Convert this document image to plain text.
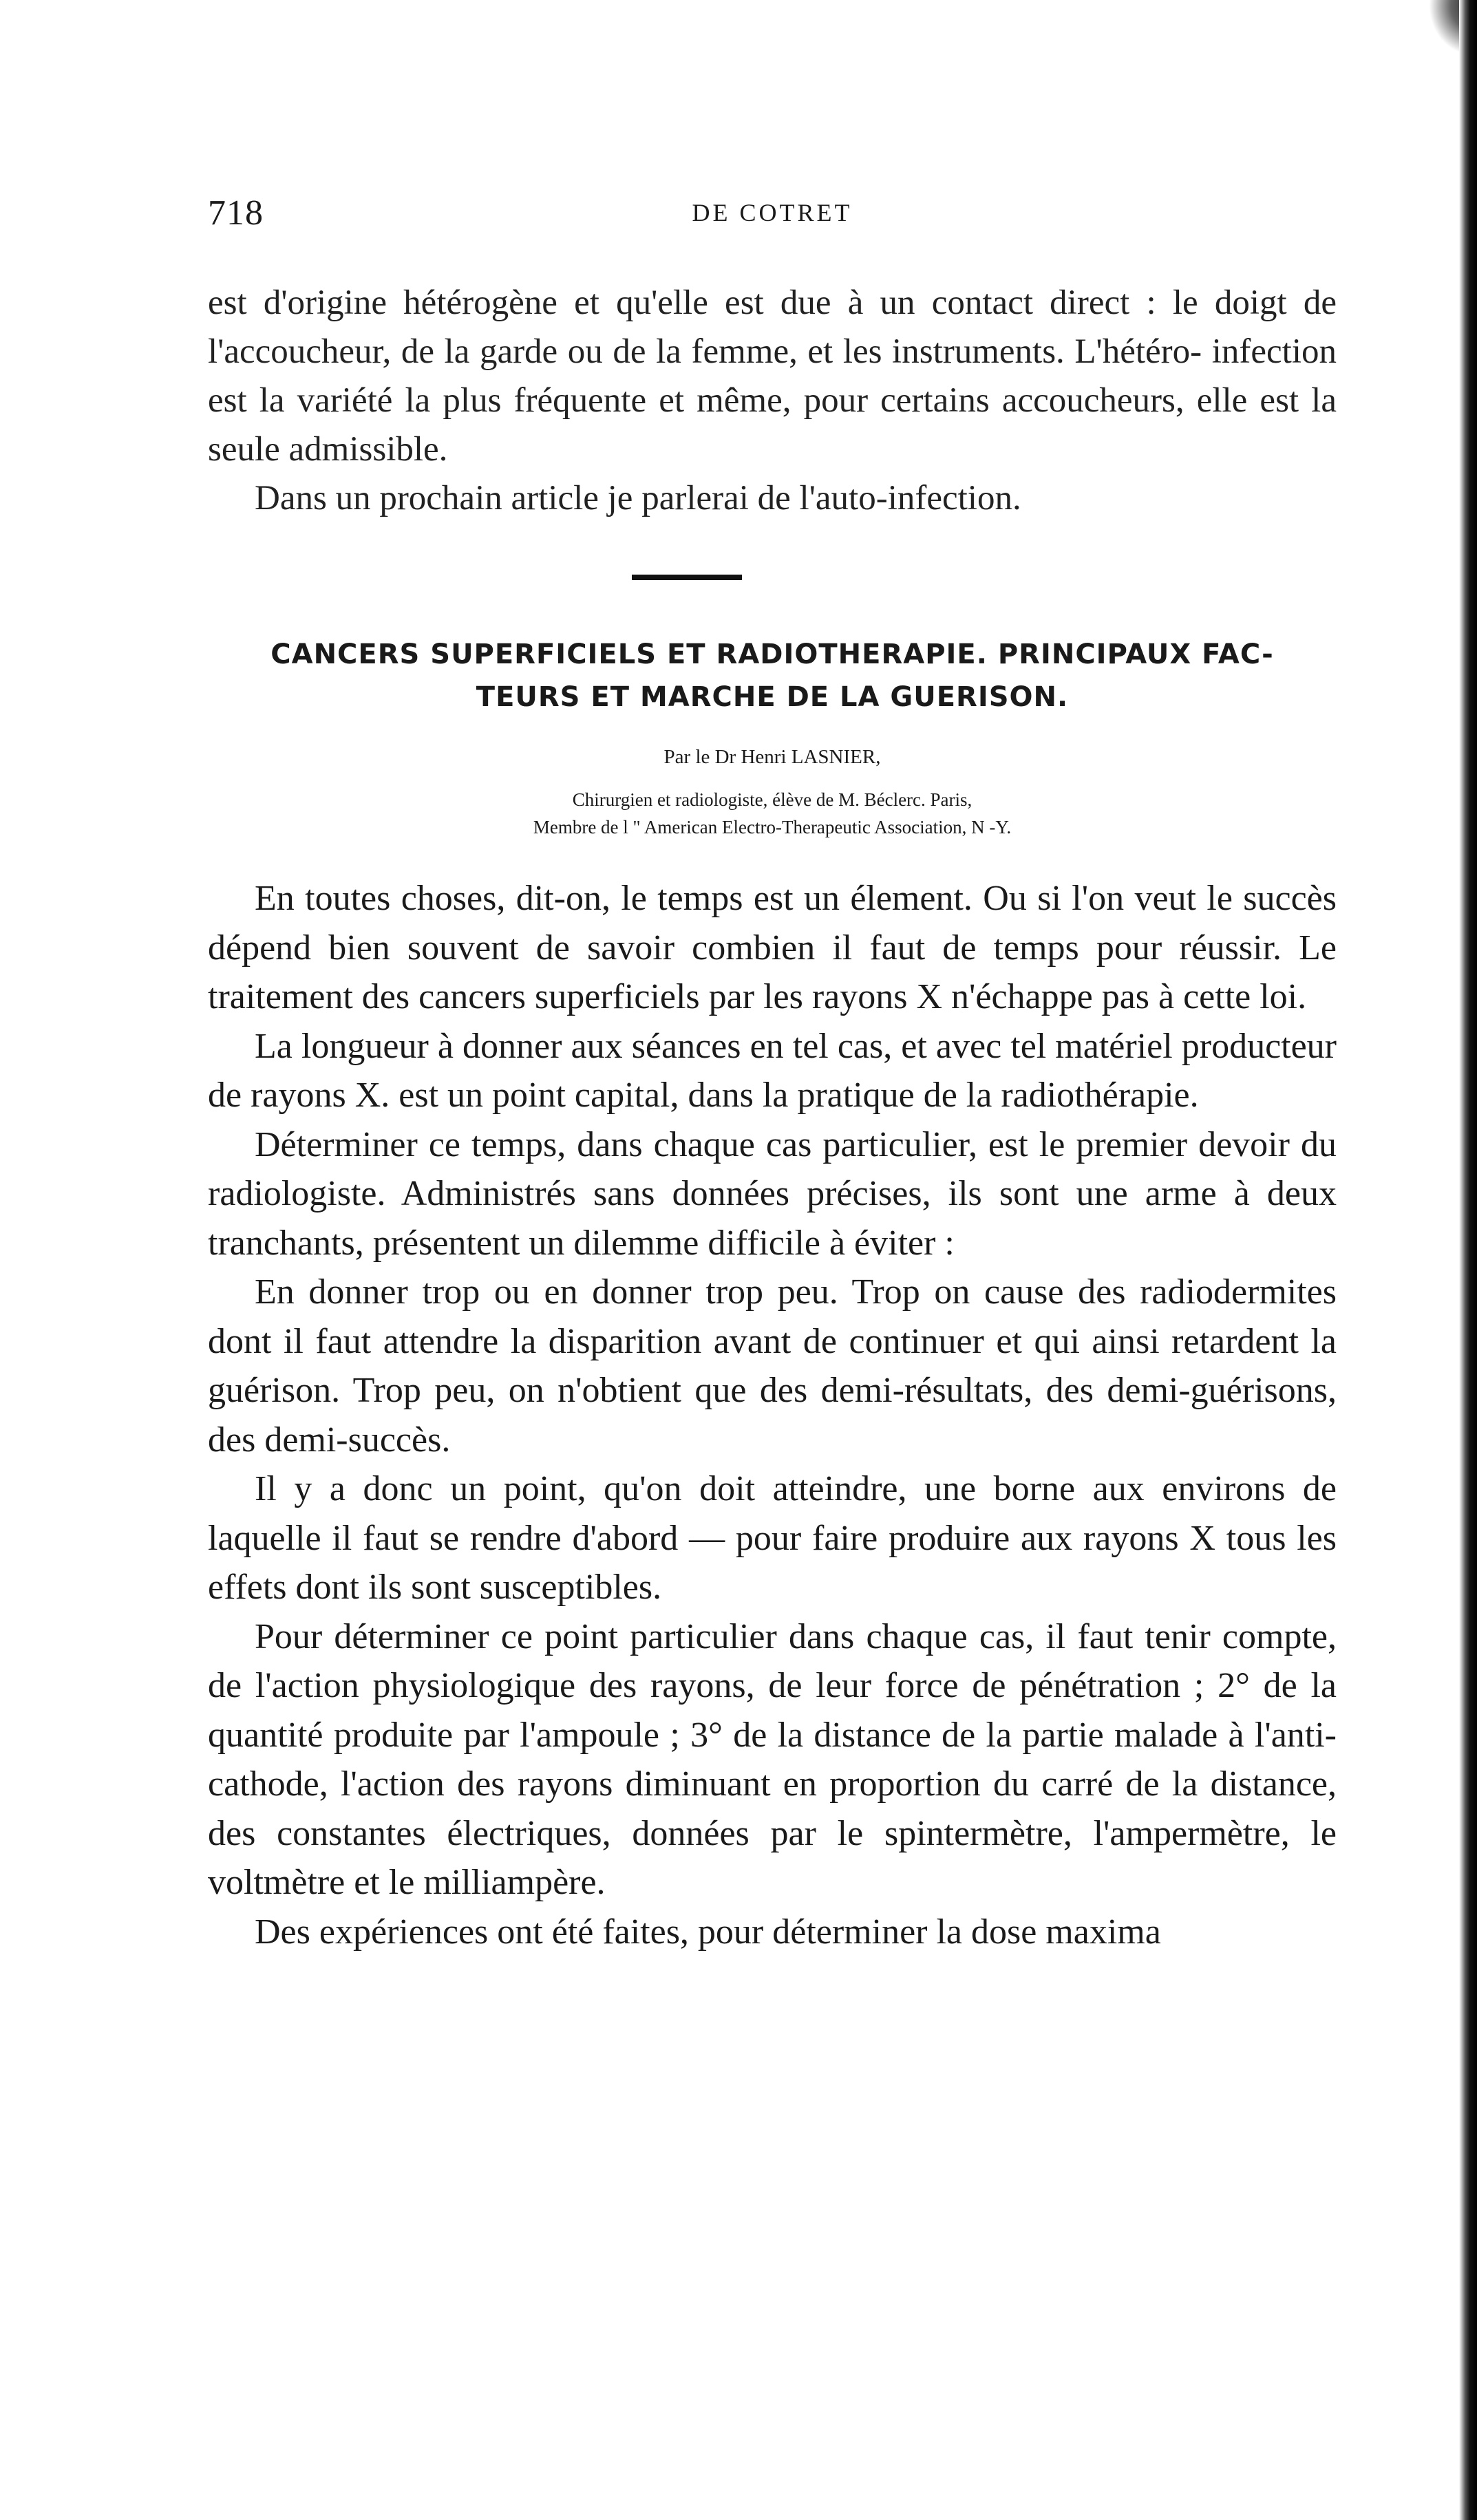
718	DE COTRET

est d'origine hétérogène et qu'elle est due à un contact direct : le doigt de l'accoucheur, de la garde ou de la femme, et les instruments. L'hétéro- infection est la variété la plus fréquente et même, pour certains accoucheurs, elle est la seule admissible.

Dans un prochain article je parlerai de l'auto-infection.

CANCERS SUPERFICIELS ET RADIOTHERAPIE. PRINCIPAUX FAC-
TEURS ET MARCHE DE LA GUERISON.
Par le Dr Henri LASNIER,
Chirurgien et radiologiste, élève de M. Béclerc. Paris,
Membre de l " American Electro-Therapeutic Association, N -Y.

En toutes choses, dit-on, le temps est un élement. Ou si l'on veut le succès dépend bien souvent de savoir combien il faut de temps pour réussir. Le traitement des cancers superficiels par les rayons X n'échappe pas à cette loi.

La longueur à donner aux séances en tel cas, et avec tel matériel producteur de rayons X. est un point capital, dans la pratique de la radiothérapie.

Déterminer ce temps, dans chaque cas particulier, est le premier devoir du radiologiste. Administrés sans données précises, ils sont une arme à deux tranchants, présentent un dilemme difficile à éviter :

En donner trop ou en donner trop peu. Trop on cause des radiodermites dont il faut attendre la disparition avant de continuer et qui ainsi retardent la guérison. Trop peu, on n'obtient que des demi-résultats, des demi-guérisons, des demi-succès.

Il y a donc un point, qu'on doit atteindre, une borne aux environs de laquelle il faut se rendre d'abord — pour faire produire aux rayons X tous les effets dont ils sont susceptibles.

Pour déterminer ce point particulier dans chaque cas, il faut tenir compte, de l'action physiologique des rayons, de leur force de pénétration ; 2° de la quantité produite par l'ampoule ; 3° de la distance de la partie malade à l'anti-cathode, l'action des rayons diminuant en proportion du carré de la distance, des constantes électriques, données par le spintermètre, l'ampermètre, le voltmètre et le milliampère.

Des expériences ont été faites, pour déterminer la dose maxima
